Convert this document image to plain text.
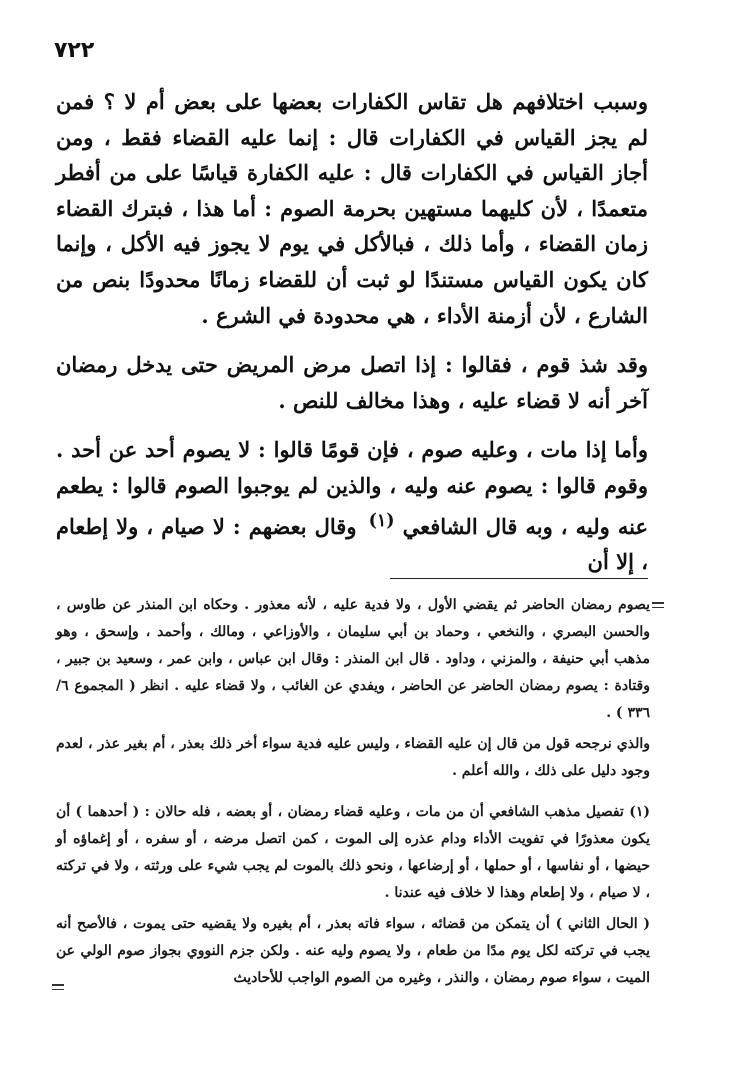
٧٢٢

وسبب اختلافهم هل تقاس الكفارات بعضها على بعض أم لا ؟ فمن لم يجز القياس في الكفارات قال : إنما عليه القضاء فقط ، ومن أجاز القياس في الكفارات قال : عليه الكفارة قياسًا على من أفطر متعمدًا ، لأن كليهما مستهين بحرمة الصوم : أما هذا ، فبترك القضاء زمان القضاء ، وأما ذلك ، فبالأكل في يوم لا يجوز فيه الأكل ، وإنما كان يكون القياس مستندًا لو ثبت أن للقضاء زمانًا محدودًا بنص من الشارع ، لأن أزمنة الأداء ، هي محدودة في الشرع .

وقد شذ قوم ، فقالوا : إذا اتصل مرض المريض حتى يدخل رمضان آخر أنه لا قضاء عليه ، وهذا مخالف للنص .

وأما إذا مات ، وعليه صوم ، فإن قومًا قالوا : لا يصوم أحد عن أحد . وقوم قالوا : يصوم عنه وليه ، والذين لم يوجبوا الصوم قالوا : يطعم عنه وليه ، وبه قال الشافعي $^{(١)}$ وقال بعضهم : لا صيام ، ولا إطعام ، إلا أن

يصوم رمضان الحاضر ثم يقضي الأول ، ولا فدية عليه ، لأنه معذور . وحكاه ابن المنذر عن طاوس ، والحسن البصري ، والنخعي ، وحماد بن أبي سليمان ، والأوزاعي ، ومالك ، وأحمد ، وإسحق ، وهو مذهب أبي حنيفة ، والمزني ، وداود . قال ابن المنذر : وقال ابن عباس ، وابن عمر ، وسعيد بن جبير ، وقتادة : يصوم رمضان الحاضر عن الحاضر ، ويفدي عن الغائب ، ولا قضاء عليه . انظر ( المجموع ٦/ ٣٣٦ ) .

والذي نرجحه قول من قال إن عليه القضاء ، وليس عليه فدية سواء أخر ذلك بعذر ، أم بغير عذر ، لعدم وجود دليل على ذلك ، والله أعلم .

(١) تفصيل مذهب الشافعي أن من مات ، وعليه قضاء رمضان ، أو بعضه ، فله حالان : ( أحدهما ) أن يكون معذورًا في تفويت الأداء ودام عذره إلى الموت ، كمن اتصل مرضه ، أو سفره ، أو إغماؤه أو حيضها ، أو نفاسها ، أو حملها ، أو إرضاعها ، ونحو ذلك بالموت لم يجب شيء على ورثته ، ولا في تركته ، لا صيام ، ولا إطعام وهذا لا خلاف فيه عندنا .

( الحال الثاني ) أن يتمكن من قضائه ، سواء فاته بعذر ، أم بغيره ولا يقضيه حتى يموت ، فالأصح أنه يجب في تركته لكل يوم مدًا من طعام ، ولا يصوم وليه عنه . ولكن جزم النووي بجواز صوم الولي عن الميت ، سواء صوم رمضان ، والنذر ، وغيره من الصوم الواجب للأحاديث
